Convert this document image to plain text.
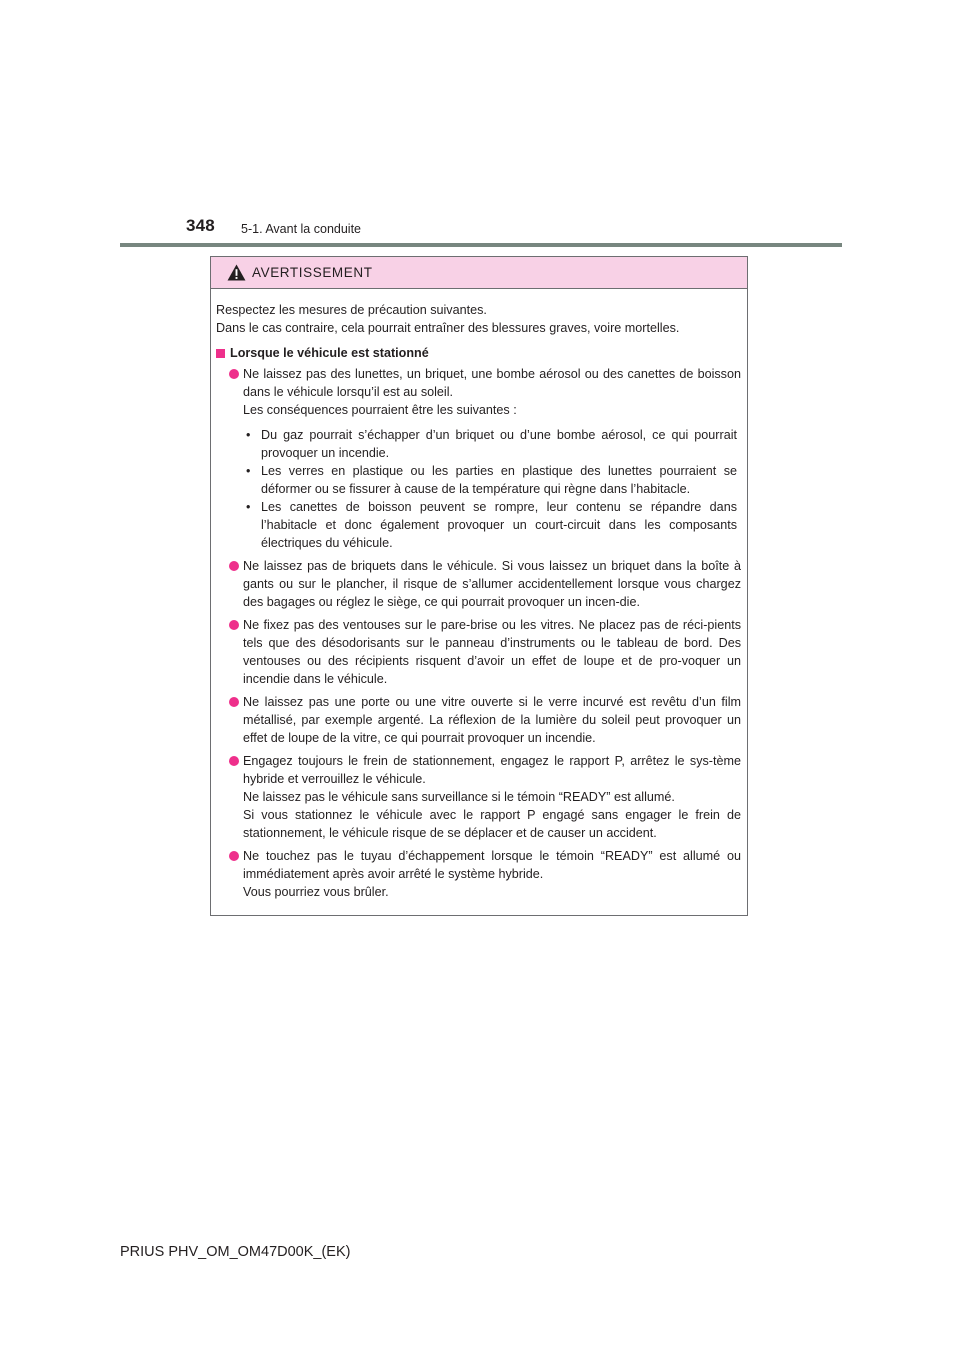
348 5-1. Avant la conduite
AVERTISSEMENT

Respectez les mesures de précaution suivantes.

Dans le cas contraire, cela pourrait entraîner des blessures graves, voire mortelles.

Lorsque le véhicule est stationné

Ne laissez pas des lunettes, un briquet, une bombe aérosol ou des canettes de boisson dans le véhicule lorsqu’il est au soleil.

Les conséquences pourraient être les suivantes :

• Du gaz pourrait s’échapper d’un briquet ou d’une bombe aérosol, ce qui pourrait provoquer un incendie.
• Les verres en plastique ou les parties en plastique des lunettes pourraient se déformer ou se fissurer à cause de la température qui règne dans l’habitacle.
• Les canettes de boisson peuvent se rompre, leur contenu se répandre dans l’habitacle et donc également provoquer un court-circuit dans les composants électriques du véhicule.

Ne laissez pas de briquets dans le véhicule. Si vous laissez un briquet dans la boîte à gants ou sur le plancher, il risque de s’allumer accidentellement lorsque vous chargez des bagages ou réglez le siège, ce qui pourrait provoquer un incen-die.

Ne fixez pas des ventouses sur le pare-brise ou les vitres. Ne placez pas de réci-pients tels que des désodorisants sur le panneau d’instruments ou le tableau de bord. Des ventouses ou des récipients risquent d’avoir un effet de loupe et de pro-voquer un incendie dans le véhicule.

Ne laissez pas une porte ou une vitre ouverte si le verre incurvé est revêtu d’un film métallisé, par exemple argenté. La réflexion de la lumière du soleil peut provoquer un effet de loupe de la vitre, ce qui pourrait provoquer un incendie.

Engagez toujours le frein de stationnement, engagez le rapport P, arrêtez le sys-tème hybride et verrouillez le véhicule.

Ne laissez pas le véhicule sans surveillance si le témoin “READY” est allumé.

Si vous stationnez le véhicule avec le rapport P engagé sans engager le frein de stationnement, le véhicule risque de se déplacer et de causer un accident.

Ne touchez pas le tuyau d’échappement lorsque le témoin “READY” est allumé ou immédiatement après avoir arrêté le système hybride.

Vous pourriez vous brûler.

PRIUS PHV_OM_OM47D00K_(EK)
